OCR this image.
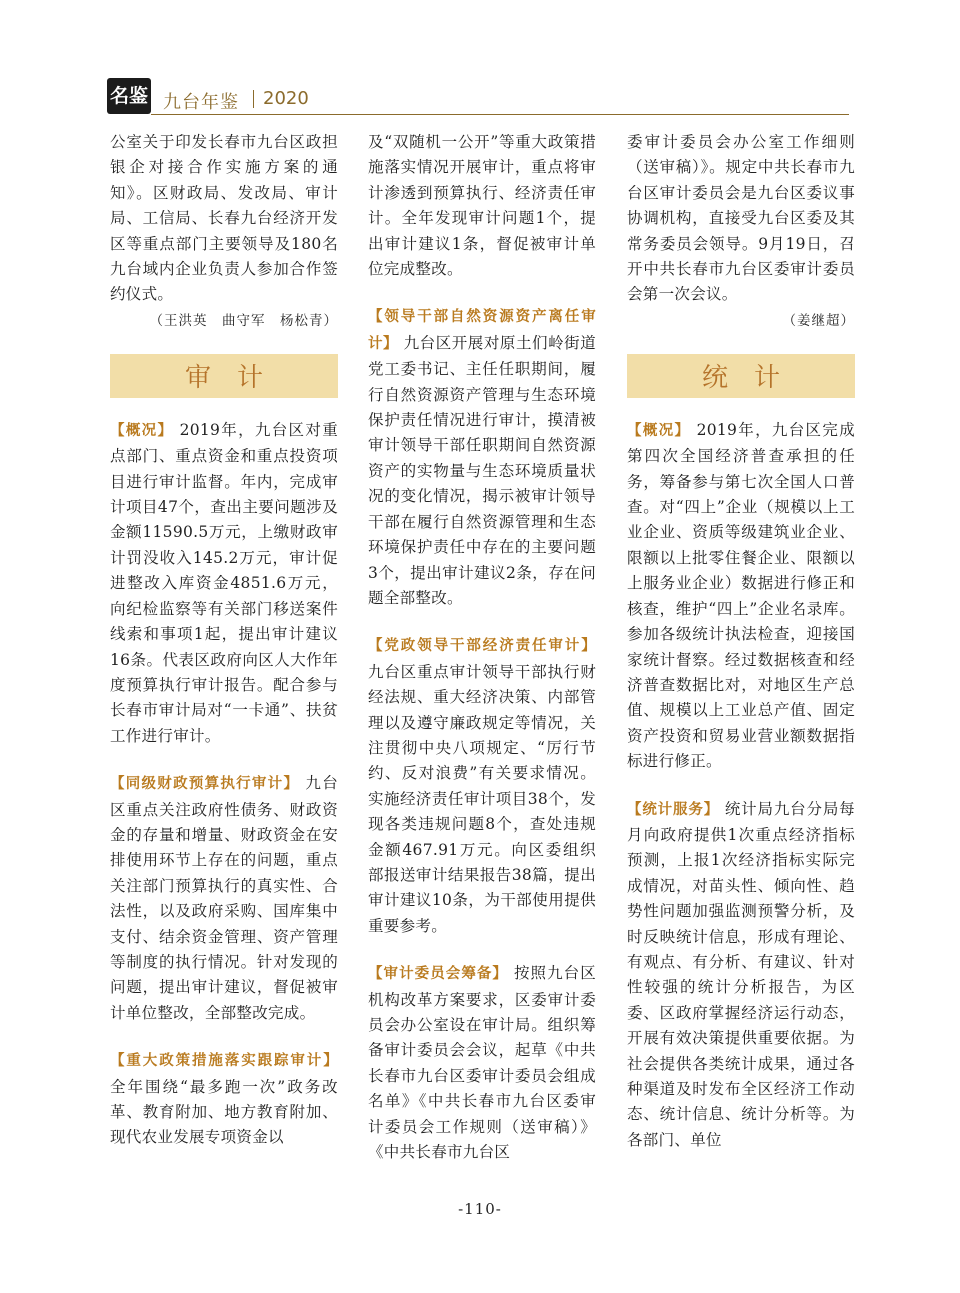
名鉴 九台年鉴 2020

公室关于印发长春市九台区政担银企对接合作实施方案的通知》。区财政局、发改局、审计局、工信局、长春九台经济开发区等重点部门主要领导及180名九台域内企业负责人参加合作签约仪式。

（王洪英　曲守军　杨松青）

审计

【概况】 2019年，九台区对重点部门、重点资金和重点投资项目进行审计监督。年内，完成审计项目47个，查出主要问题涉及金额11590.5万元，上缴财政审计罚没收入145.2万元，审计促进整改入库资金4851.6万元，向纪检监察等有关部门移送案件线索和事项1起，提出审计建议16条。代表区政府向区人大作年度预算执行审计报告。配合参与长春市审计局对“一卡通”、扶贫工作进行审计。

【同级财政预算执行审计】 九台区重点关注政府性债务、财政资金的存量和增量、财政资金在安排使用环节上存在的问题，重点关注部门预算执行的真实性、合法性，以及政府采购、国库集中支付、结余资金管理、资产管理等制度的执行情况。针对发现的问题，提出审计建议，督促被审计单位整改，全部整改完成。

【重大政策措施落实跟踪审计】 全年围绕“最多跑一次”政务改革、教育附加、地方教育附加、现代农业发展专项资金以

及“双随机一公开”等重大政策措施落实情况开展审计，重点将审计渗透到预算执行、经济责任审计。全年发现审计问题1个，提出审计建议1条，督促被审计单位完成整改。

【领导干部自然资源资产离任审计】 九台区开展对原土们岭街道党工委书记、主任任职期间，履行自然资源资产管理与生态环境保护责任情况进行审计，摸清被审计领导干部任职期间自然资源资产的实物量与生态环境质量状况的变化情况，揭示被审计领导干部在履行自然资源管理和生态环境保护责任中存在的主要问题3个，提出审计建议2条，存在问题全部整改。

【党政领导干部经济责任审计】 九台区重点审计领导干部执行财经法规、重大经济决策、内部管理以及遵守廉政规定等情况，关注贯彻中央八项规定、“厉行节约、反对浪费”有关要求情况。实施经济责任审计项目38个，发现各类违规问题8个，查处违规金额467.91万元。向区委组织部报送审计结果报告38篇，提出审计建议10条，为干部使用提供重要参考。

【审计委员会筹备】 按照九台区机构改革方案要求，区委审计委员会办公室设在审计局。组织筹备审计委员会会议，起草《中共长春市九台区委审计委员会组成名单》《中共长春市九台区委审计委员会工作规则（送审稿）》《中共长春市九台区

委审计委员会办公室工作细则（送审稿）》。规定中共长春市九台区审计委员会是九台区委议事协调机构，直接受九台区委及其常务委员会领导。9月19日，召开中共长春市九台区委审计委员会第一次会议。

（姜继超）

统计

【概况】 2019年，九台区完成第四次全国经济普查承担的任务，筹备参与第七次全国人口普查。对“四上”企业（规模以上工业企业、资质等级建筑业企业、限额以上批零住餐企业、限额以上服务业企业）数据进行修正和核查，维护“四上”企业名录库。参加各级统计执法检查，迎接国家统计督察。经过数据核查和经济普查数据比对，对地区生产总值、规模以上工业总产值、固定资产投资和贸易业营业额数据指标进行修正。

【统计服务】 统计局九台分局每月向政府提供1次重点经济指标预测，上报1次经济指标实际完成情况，对苗头性、倾向性、趋势性问题加强监测预警分析，及时反映统计信息，形成有理论、有观点、有分析、有建议、针对性较强的统计分析报告，为区委、区政府掌握经济运行动态，开展有效决策提供重要依据。为社会提供各类统计成果，通过各种渠道及时发布全区经济工作动态、统计信息、统计分析等。为各部门、单位

-110-
